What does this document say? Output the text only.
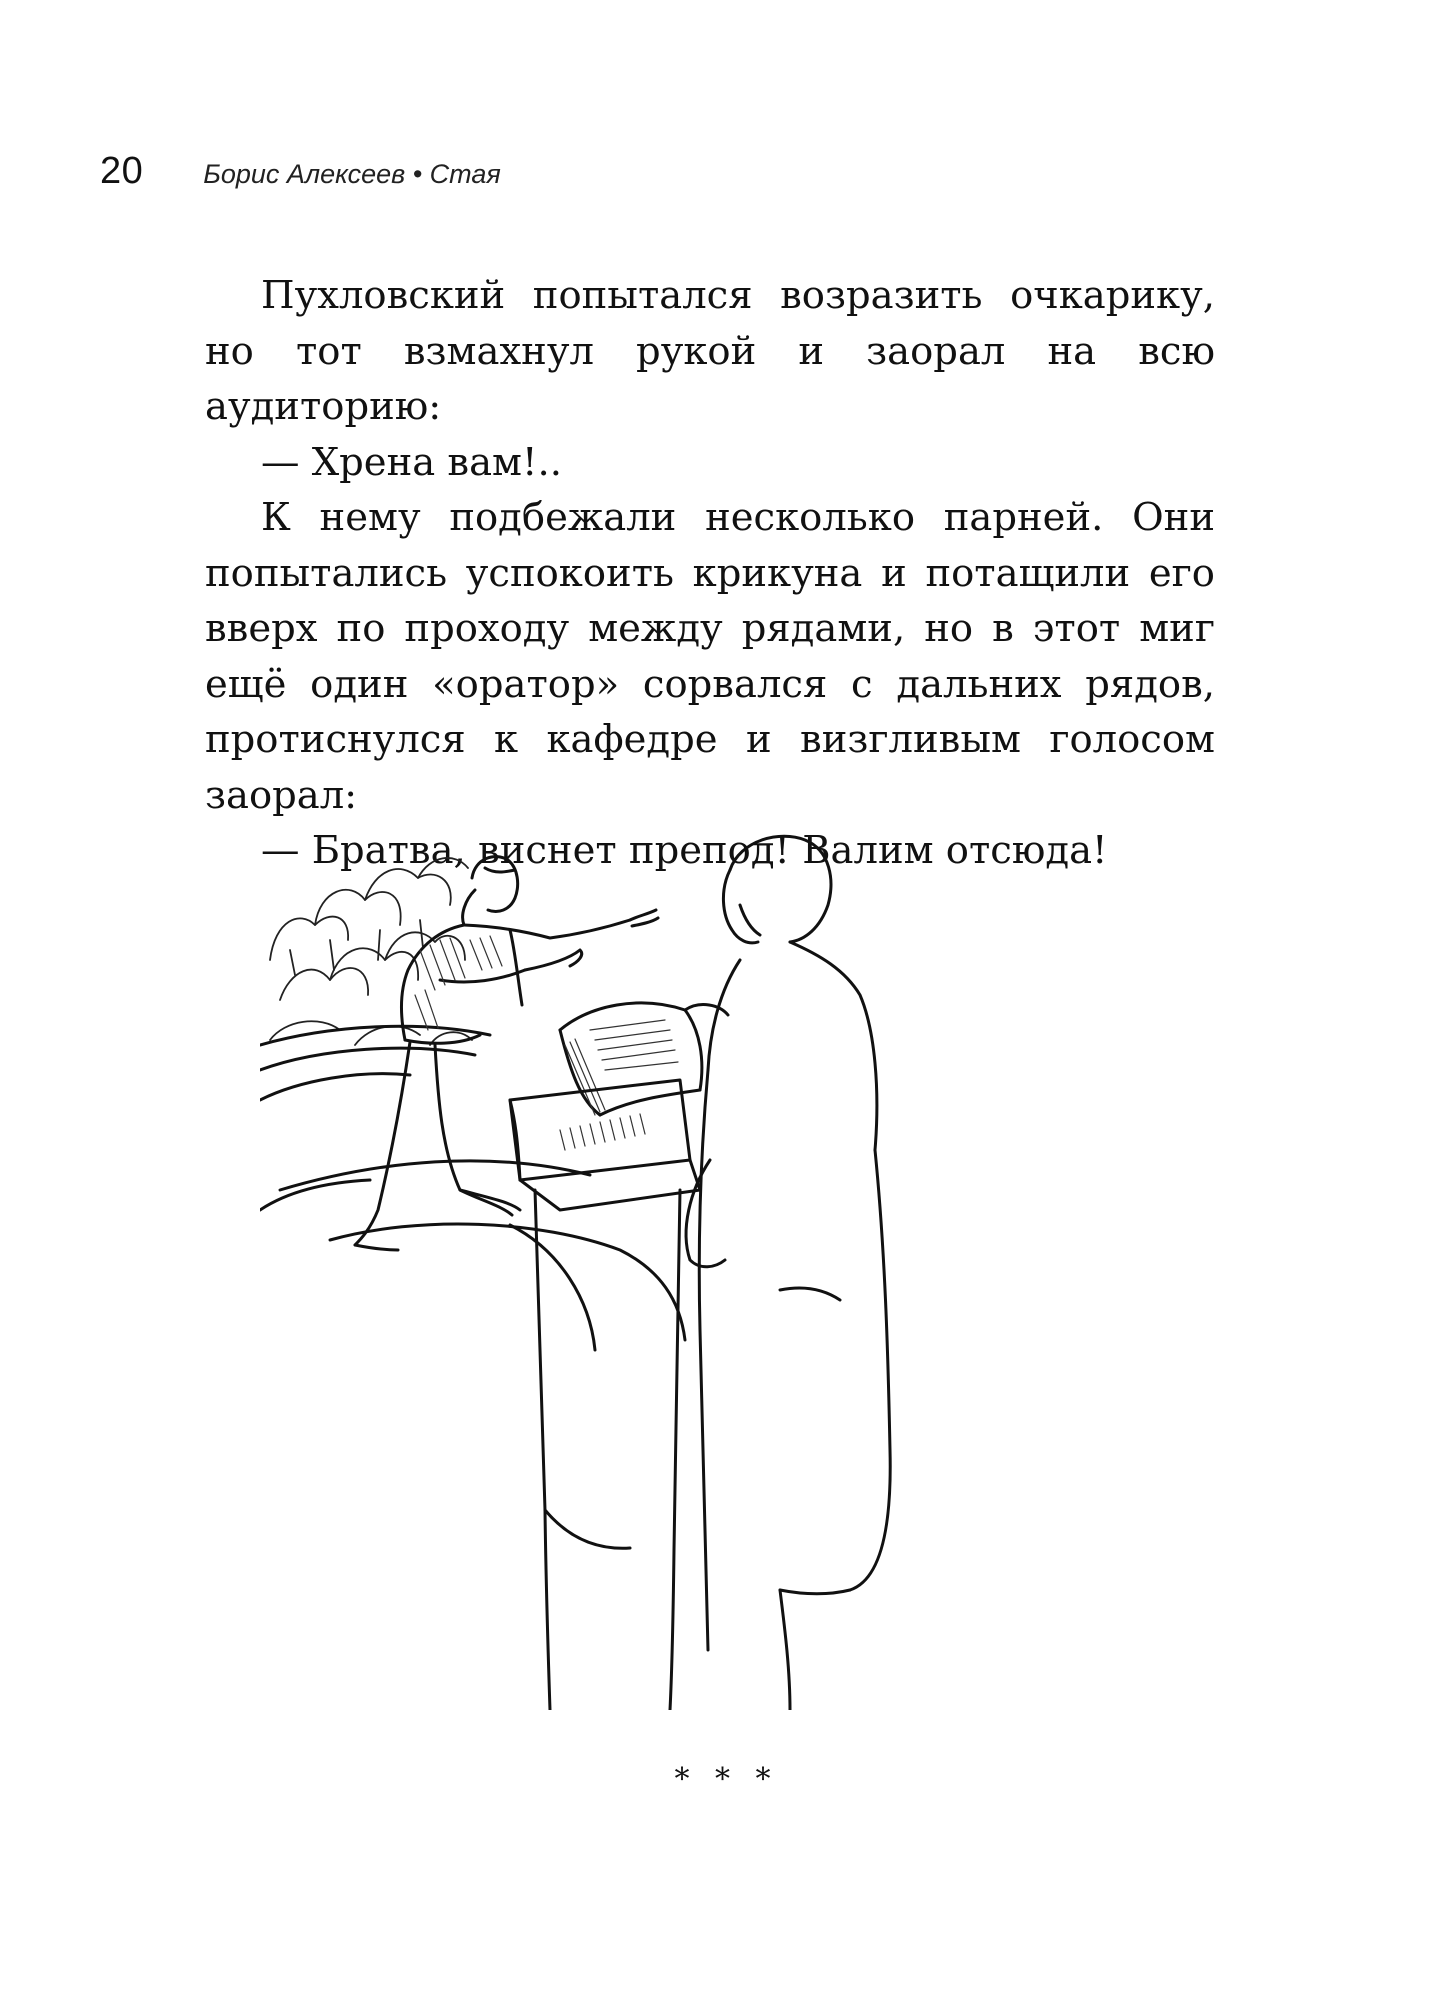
20 Борис Алексеев • Стая

Пухловский попытался возразить очкарику, но тот взмахнул рукой и заорал на всю аудиторию:

— Хрена вам!..

К нему подбежали несколько парней. Они попытались успокоить крикуна и потащили его вверх по проходу между рядами, но в этот миг ещё один «оратор» сорвался с дальних рядов, протиснулся к кафедре и визгливым голосом заорал:

— Братва, виснет препод! Валим отсюда!

* * *
